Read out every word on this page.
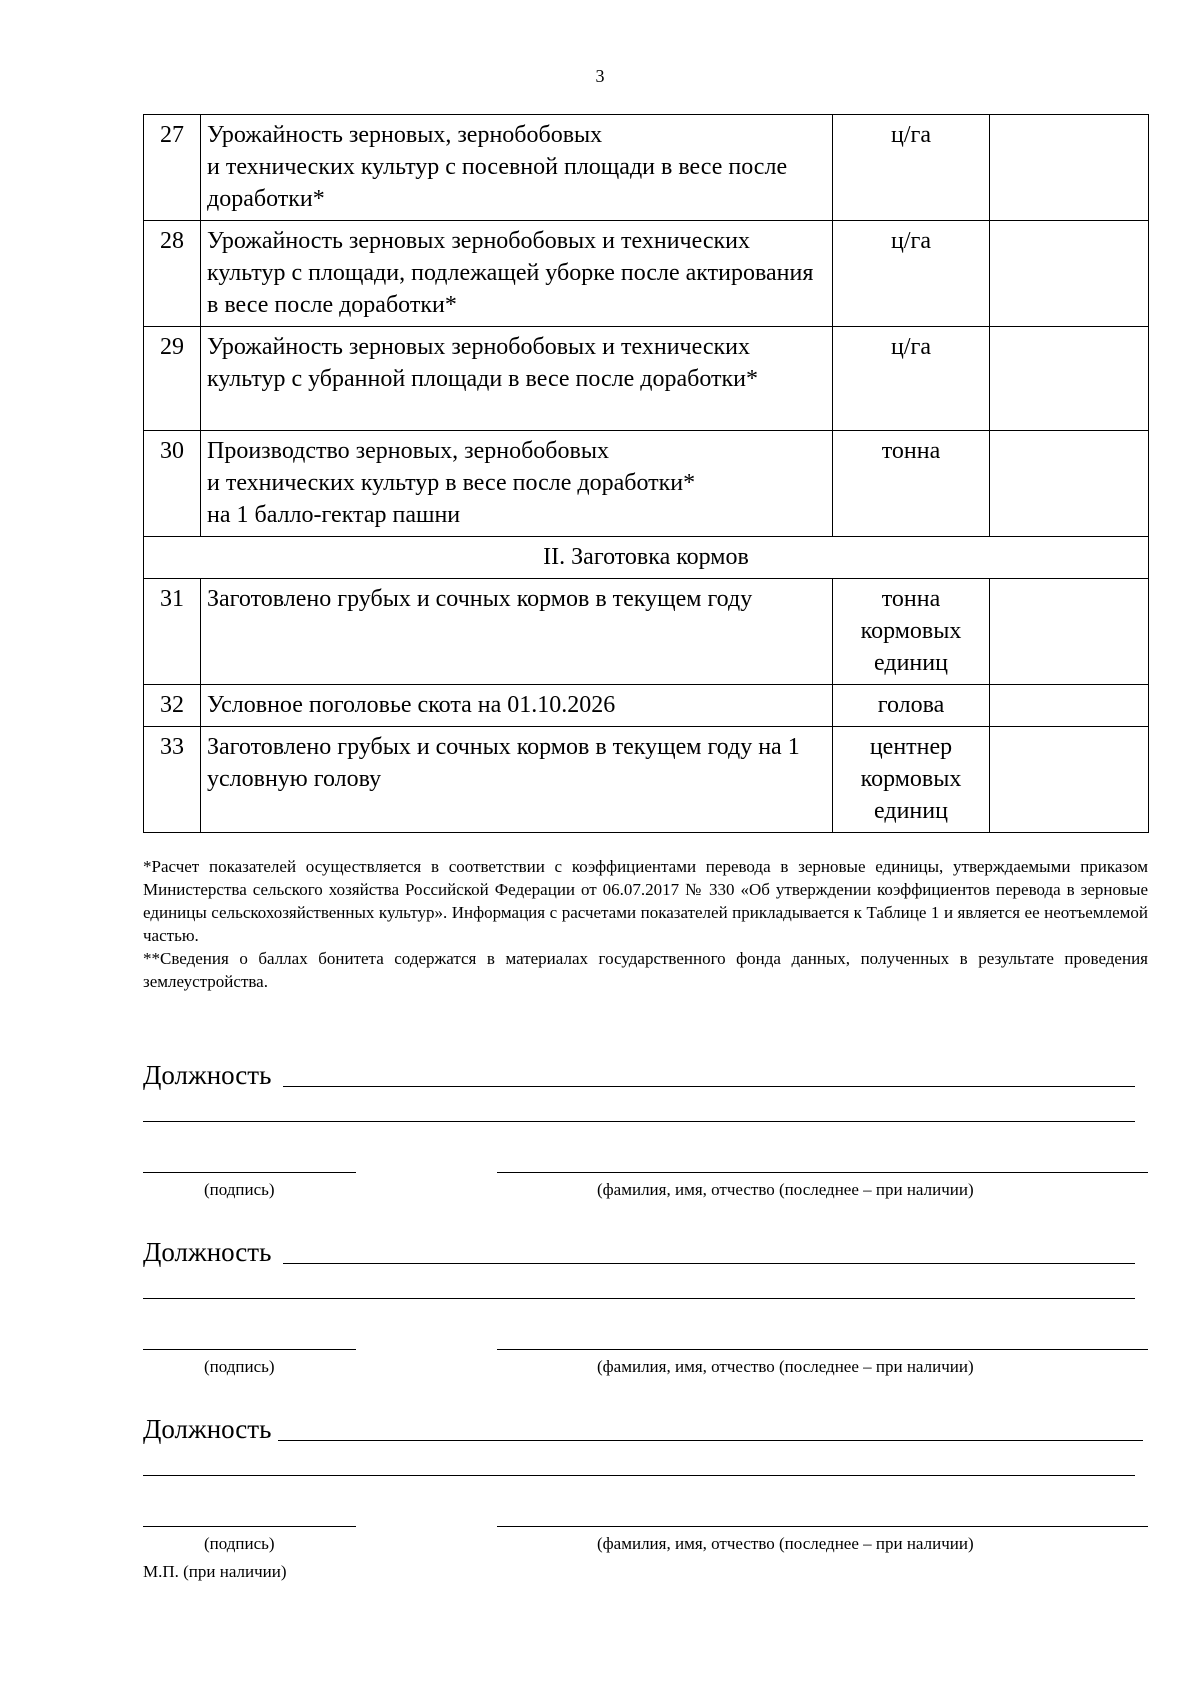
3
27	Урожайность зерновых, зернобобовых
и технических культур с посевной площади в весе после доработки*	ц/га	
28	Урожайность зерновых зернобобовых и технических культур с площади, подлежащей уборке после актирования в весе после доработки*	ц/га	
29	Урожайность зерновых зернобобовых и технических культур с убранной площади в весе после доработки*	ц/га	
30	Производство зерновых, зернобобовых
и технических культур в весе после доработки*
на 1 балло-гектар пашни	тонна	
II. Заготовка кормов			
31	Заготовлено грубых и сочных кормов в текущем году	тонна
кормовых
единиц	
32	Условное поголовье скота на 01.10.2026	голова	
33	Заготовлено грубых и сочных кормов в текущем году на 1 условную голову	центнер
кормовых
единиц	

*Расчет показателей осуществляется в соответствии с коэффициентами перевода в зерновые единицы, утверждаемыми приказом Министерства сельского хозяйства Российской Федерации от 06.07.2017 № 330 «Об утверждении коэффициентов перевода в зерновые единицы сельскохозяйственных культур». Информация с расчетами показателей прикладывается к Таблице 1 и является ее неотъемлемой частью.

**Сведения о баллах бонитета содержатся в материалах государственного фонда данных, полученных в результате проведения землеустройства.

Должность
(подпись)	(фамилия, имя, отчество (последнее – при наличии)
Должность
(подпись)	(фамилия, имя, отчество (последнее – при наличии)
Должность
(подпись)	(фамилия, имя, отчество (последнее – при наличии)
М.П. (при наличии)
